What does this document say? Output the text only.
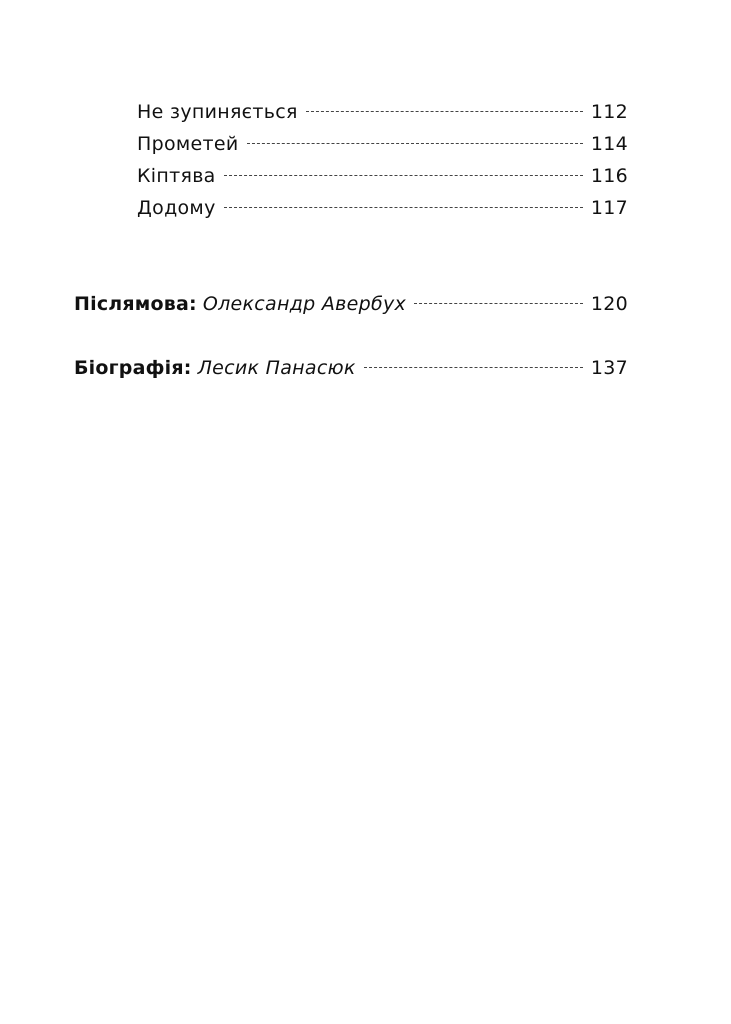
Не зупиняється	112
Прометей	114
Кіптява	116
Додому	117
Післямова: Олександр Авербух	120
Біографія: Лесик Панасюк	137
